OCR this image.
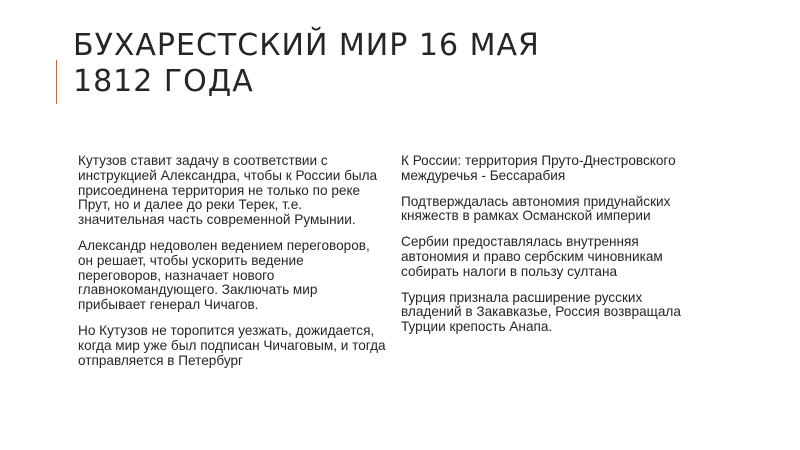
БУХАРЕСТСКИЙ МИР 16 МАЯ
1812 ГОДА

Кутузов ставит задачу в соответствии с инструкцией Александра, чтобы к России была присоединена территория не только по реке Прут, но и далее до реки Терек, т.е. значительная часть современной Румынии.

Александр недоволен ведением переговоров, он решает, чтобы ускорить ведение переговоров, назначает нового главнокомандующего. Заключать мир прибывает генерал Чичагов.

Но Кутузов не торопится уезжать, дожидается, когда мир уже был подписан Чичаговым, и тогда отправляется в Петербург

К России: территория Пруто-Днестровского междуречья - Бессарабия

Подтверждалась автономия придунайских княжеств в рамках Османской империи

Сербии предоставлялась внутренняя автономия и право сербским чиновникам собирать налоги в пользу султана

Турция признала расширение русских владений в Закавказье, Россия возвращала Турции крепость Анапа.
